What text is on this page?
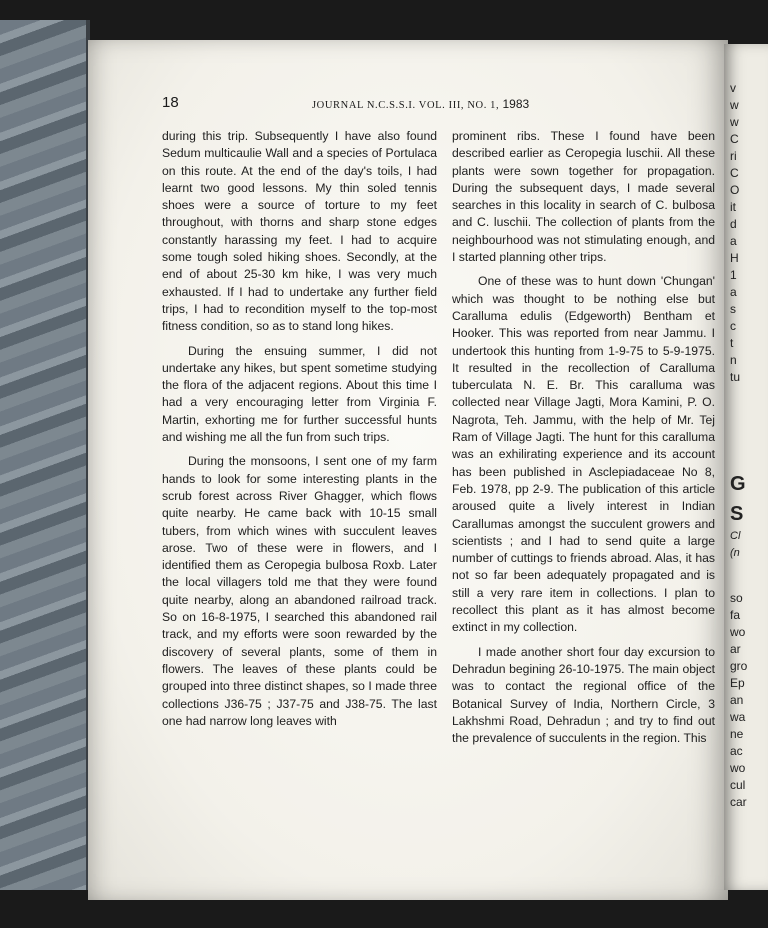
18	JOURNAL N.C.S.S.I. VOL. III, NO. 1, 1983

during this trip. Subsequently I have also found Sedum multicaulie Wall and a species of Portulaca on this route. At the end of the day's toils, I had learnt two good lessons. My thin soled tennis shoes were a source of torture to my feet throughout, with thorns and sharp stone edges constantly harassing my feet. I had to acquire some tough soled hiking shoes. Secondly, at the end of about 25-30 km hike, I was very much exhausted. If I had to undertake any further field trips, I had to recondition myself to the top-most fitness condition, so as to stand long hikes.

During the ensuing summer, I did not undertake any hikes, but spent sometime studying the flora of the adjacent regions. About this time I had a very encouraging letter from Virginia F. Martin, exhorting me for further successful hunts and wishing me all the fun from such trips.

During the monsoons, I sent one of my farm hands to look for some interesting plants in the scrub forest across River Ghagger, which flows quite nearby. He came back with 10-15 small tubers, from which wines with succulent leaves arose. Two of these were in flowers, and I identified them as Ceropegia bulbosa Roxb. Later the local villagers told me that they were found quite nearby, along an abandoned railroad track. So on 16-8-1975, I searched this abandoned rail track, and my efforts were soon rewarded by the discovery of several plants, some of them in flowers. The leaves of these plants could be grouped into three distinct shapes, so I made three collections J36-75 ; J37-75 and J38-75. The last one had narrow long leaves with

prominent ribs. These I found have been described earlier as Ceropegia luschii. All these plants were sown together for propagation. During the subsequent days, I made several searches in this locality in search of C. bulbosa and C. luschii. The collection of plants from the neighbourhood was not stimulating enough, and I started planning other trips.

One of these was to hunt down 'Chungan' which was thought to be nothing else but Caralluma edulis (Edgeworth) Bentham et Hooker. This was reported from near Jammu. I undertook this hunting from 1-9-75 to 5-9-1975. It resulted in the recollection of Caralluma tuberculata N. E. Br. This caralluma was collected near Village Jagti, Mora Kamini, P. O. Nagrota, Teh. Jammu, with the help of Mr. Tej Ram of Village Jagti. The hunt for this caralluma was an exhilirating experience and its account has been published in Asclepiadaceae No 8, Feb. 1978, pp 2-9. The publication of this article aroused quite a lively interest in Indian Carallumas amongst the succulent growers and scientists ; and I had to send quite a large number of cuttings to friends abroad. Alas, it has not so far been adequately propagated and is still a very rare item in collections. I plan to recollect this plant as it has almost become extinct in my collection.

I made another short four day excursion to Dehradun begining 26-10-1975. The main object was to contact the regional office of the Botanical Survey of India, Northern Circle, 3 Lakhshmi Road, Dehradun ; and try to find out the prevalence of succulents in the region. This

v
w
w
C
ri
C
O
it
d
a
H
1
a
s
c
t
n
tu
G
S
Cl
(n
so
fa
wo
ar
gro
Ep
an
wa
ne
ac
wo
cul
car
